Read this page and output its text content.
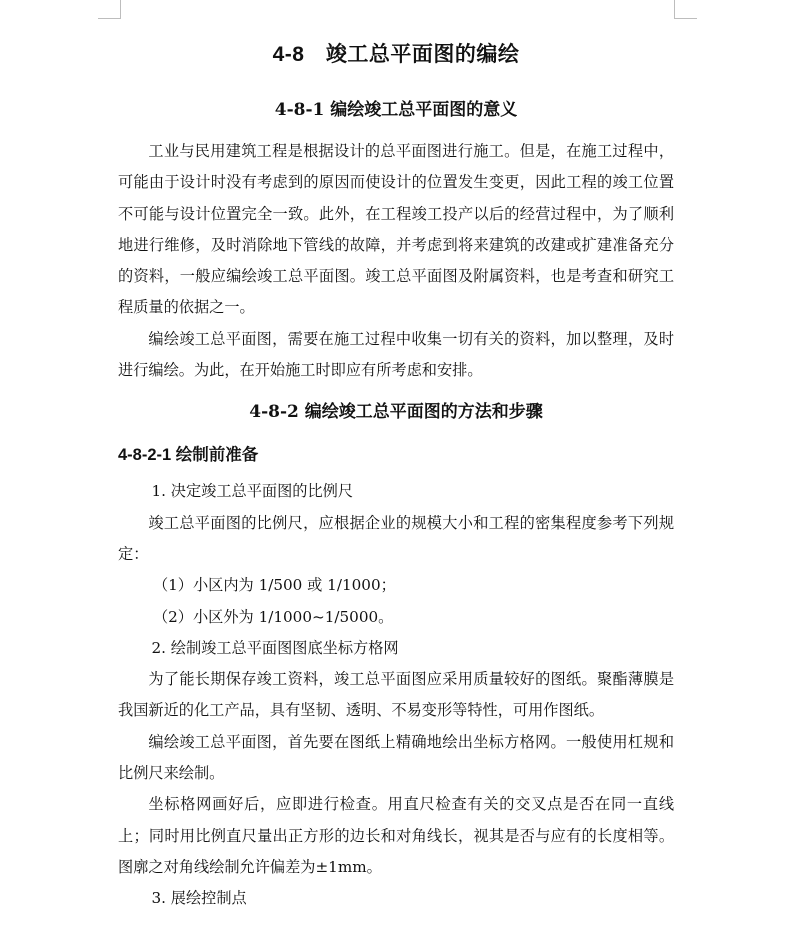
4-8　竣工总平面图的编绘
4-8-1 编绘竣工总平面图的意义

工业与民用建筑工程是根据设计的总平面图进行施工。但是，在施工过程中，可能由于设计时没有考虑到的原因而使设计的位置发生变更，因此工程的竣工位置不可能与设计位置完全一致。此外，在工程竣工投产以后的经营过程中，为了顺利地进行维修，及时消除地下管线的故障，并考虑到将来建筑的改建或扩建准备充分的资料，一般应编绘竣工总平面图。竣工总平面图及附属资料，也是考查和研究工程质量的依据之一。

编绘竣工总平面图，需要在施工过程中收集一切有关的资料，加以整理，及时进行编绘。为此，在开始施工时即应有所考虑和安排。

4-8-2 编绘竣工总平面图的方法和步骤
4-8-2-1 绘制前准备

1. 决定竣工总平面图的比例尺

竣工总平面图的比例尺，应根据企业的规模大小和工程的密集程度参考下列规定：

（1）小区内为 1/500 或 1/1000；

（2）小区外为 1/1000~1/5000。

2. 绘制竣工总平面图图底坐标方格网

为了能长期保存竣工资料，竣工总平面图应采用质量较好的图纸。聚酯薄膜是我国新近的化工产品，具有坚韧、透明、不易变形等特性，可用作图纸。

编绘竣工总平面图，首先要在图纸上精确地绘出坐标方格网。一般使用杠规和比例尺来绘制。

坐标格网画好后，应即进行检查。用直尺检查有关的交叉点是否在同一直线上；同时用比例直尺量出正方形的边长和对角线长，视其是否与应有的长度相等。图廓之对角线绘制允许偏差为±1mm。

3. 展绘控制点
